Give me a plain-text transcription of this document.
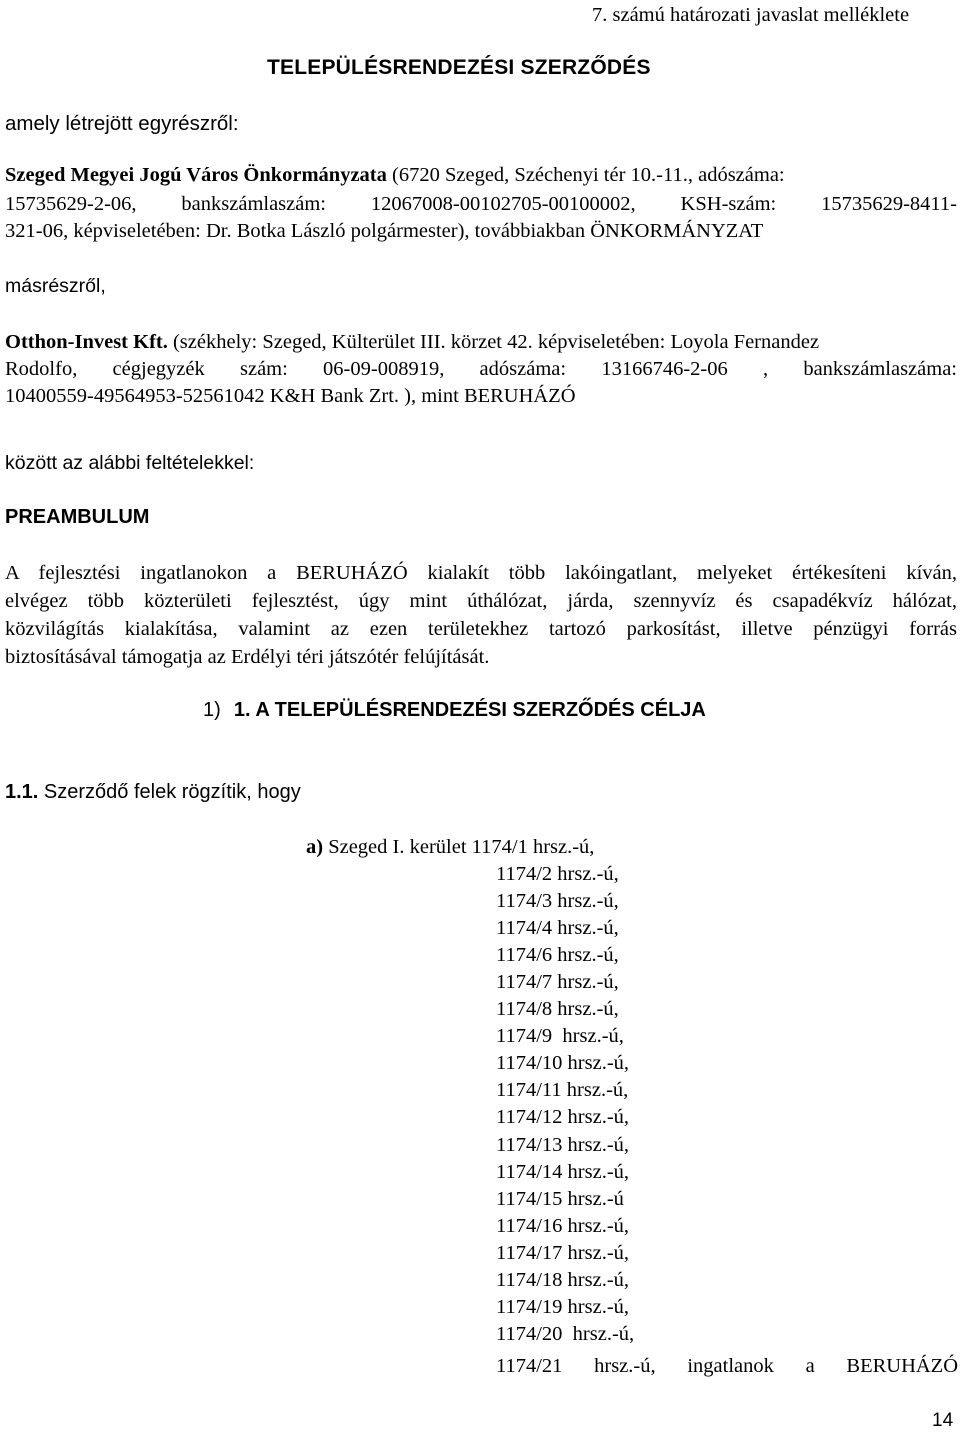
7. számú határozati javaslat melléklete
TELEPÜLÉSRENDEZÉSI SZERZŐDÉS
amely létrejött egyrészről:
Szeged Megyei Jogú Város Önkormányzata (6720 Szeged, Széchenyi tér 10.-11., adószáma:
15735629-2-06, bankszámlaszám: 12067008-00102705-00100002, KSH-szám: 15735629-8411-
321-06, képviseletében: Dr. Botka László polgármester), továbbiakban ÖNKORMÁNYZAT
másrészről,
Otthon-Invest Kft. (székhely: Szeged, Külterület III. körzet 42. képviseletében: Loyola Fernandez
Rodolfo, cégjegyzék szám: 06-09-008919, adószáma: 13166746-2-06 , bankszámlaszáma:
10400559-49564953-52561042 K&H Bank Zrt. ), mint BERUHÁZÓ
között az alábbi feltételekkel:
PREAMBULUM
A fejlesztési ingatlanokon a BERUHÁZÓ kialakít több lakóingatlant, melyeket értékesíteni kíván,
elvégez több közterületi fejlesztést, úgy mint úthálózat, járda, szennyvíz és csapadékvíz hálózat,
közvilágítás kialakítása, valamint az ezen területekhez tartozó parkosítást, illetve pénzügyi forrás
biztosításával támogatja az Erdélyi téri játszótér felújítását.
1) 1. A TELEPÜLÉSRENDEZÉSI SZERZŐDÉS CÉLJA
1.1. Szerződő felek rögzítik, hogy
a) Szeged I. kerület 1174/1 hrsz.-ú,
1174/2 hrsz.-ú,
1174/3 hrsz.-ú,
1174/4 hrsz.-ú,
1174/6 hrsz.-ú,
1174/7 hrsz.-ú,
1174/8 hrsz.-ú,
1174/9  hrsz.-ú,
1174/10 hrsz.-ú,
1174/11 hrsz.-ú,
1174/12 hrsz.-ú,
1174/13 hrsz.-ú,
1174/14 hrsz.-ú,
1174/15 hrsz.-ú
1174/16 hrsz.-ú,
1174/17 hrsz.-ú,
1174/18 hrsz.-ú,
1174/19 hrsz.-ú,
1174/20  hrsz.-ú,
1174/21 hrsz.-ú, ingatlanok a BERUHÁZÓ
14
